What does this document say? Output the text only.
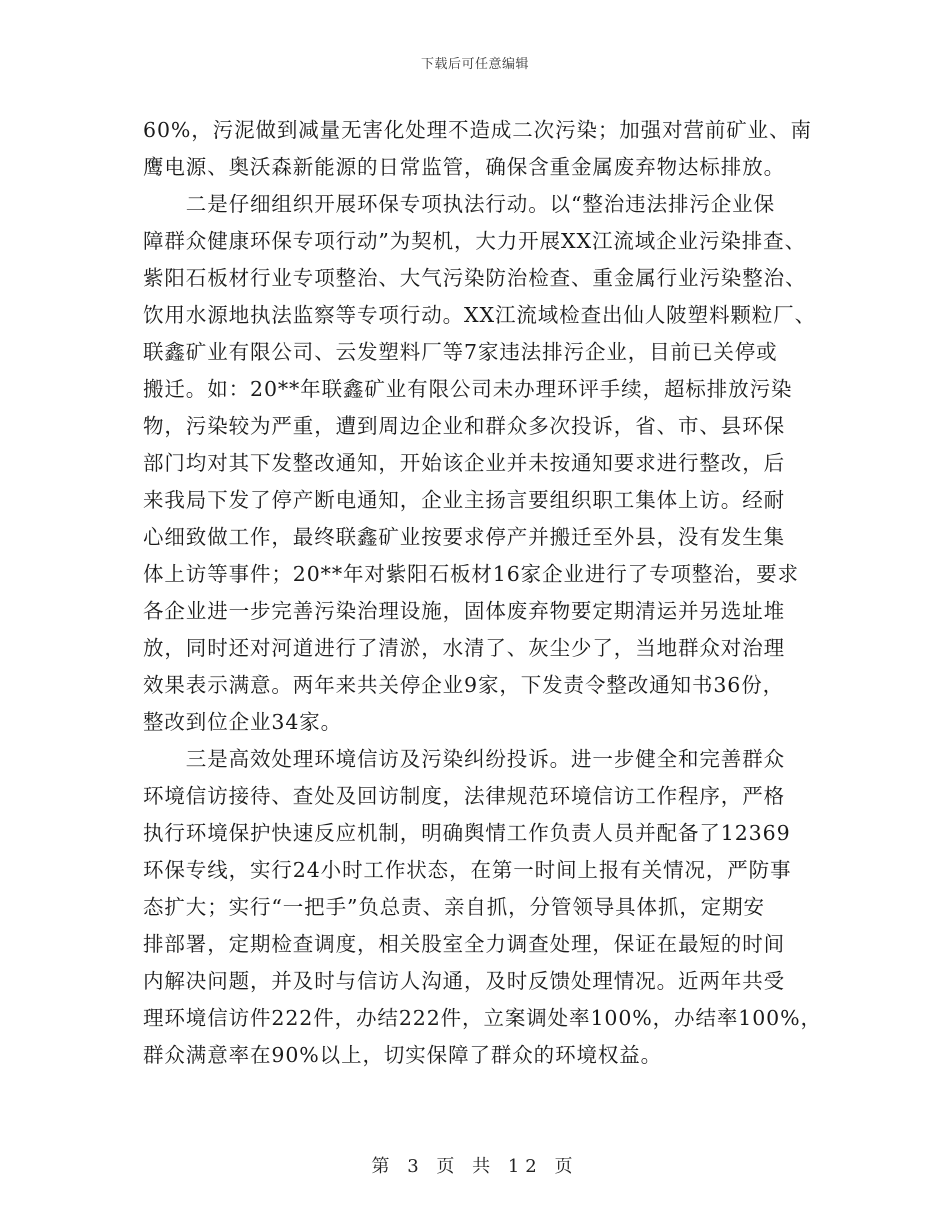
下载后可任意编辑
60%，污泥做到减量无害化处理不造成二次污染；加强对营前矿业、南
鹰电源、奥沃森新能源的日常监管，确保含重金属废弃物达标排放。
　　二是仔细组织开展环保专项执法行动。以“整治违法排污企业保
障群众健康环保专项行动”为契机，大力开展XX江流域企业污染排查、
紫阳石板材行业专项整治、大气污染防治检查、重金属行业污染整治、
饮用水源地执法监察等专项行动。XX江流域检查出仙人陂塑料颗粒厂、
联鑫矿业有限公司、云发塑料厂等7家违法排污企业，目前已关停或
搬迁。如：20**年联鑫矿业有限公司未办理环评手续，超标排放污染
物，污染较为严重，遭到周边企业和群众多次投诉，省、市、县环保
部门均对其下发整改通知，开始该企业并未按通知要求进行整改，后
来我局下发了停产断电通知，企业主扬言要组织职工集体上访。经耐
心细致做工作，最终联鑫矿业按要求停产并搬迁至外县，没有发生集
体上访等事件；20**年对紫阳石板材16家企业进行了专项整治，要求
各企业进一步完善污染治理设施，固体废弃物要定期清运并另选址堆
放，同时还对河道进行了清淤，水清了、灰尘少了，当地群众对治理
效果表示满意。两年来共关停企业9家，下发责令整改通知书36份，
整改到位企业34家。
　　三是高效处理环境信访及污染纠纷投诉。进一步健全和完善群众
环境信访接待、查处及回访制度，法律规范环境信访工作程序，严格
执行环境保护快速反应机制，明确舆情工作负责人员并配备了12369
环保专线，实行24小时工作状态，在第一时间上报有关情况，严防事
态扩大；实行“一把手”负总责、亲自抓，分管领导具体抓，定期安
排部署，定期检查调度，相关股室全力调查处理，保证在最短的时间
内解决问题，并及时与信访人沟通，及时反馈处理情况。近两年共受
理环境信访件222件，办结222件，立案调处率100%，办结率100%，
群众满意率在90%以上，切实保障了群众的环境权益。
第 3 页 共 12 页
